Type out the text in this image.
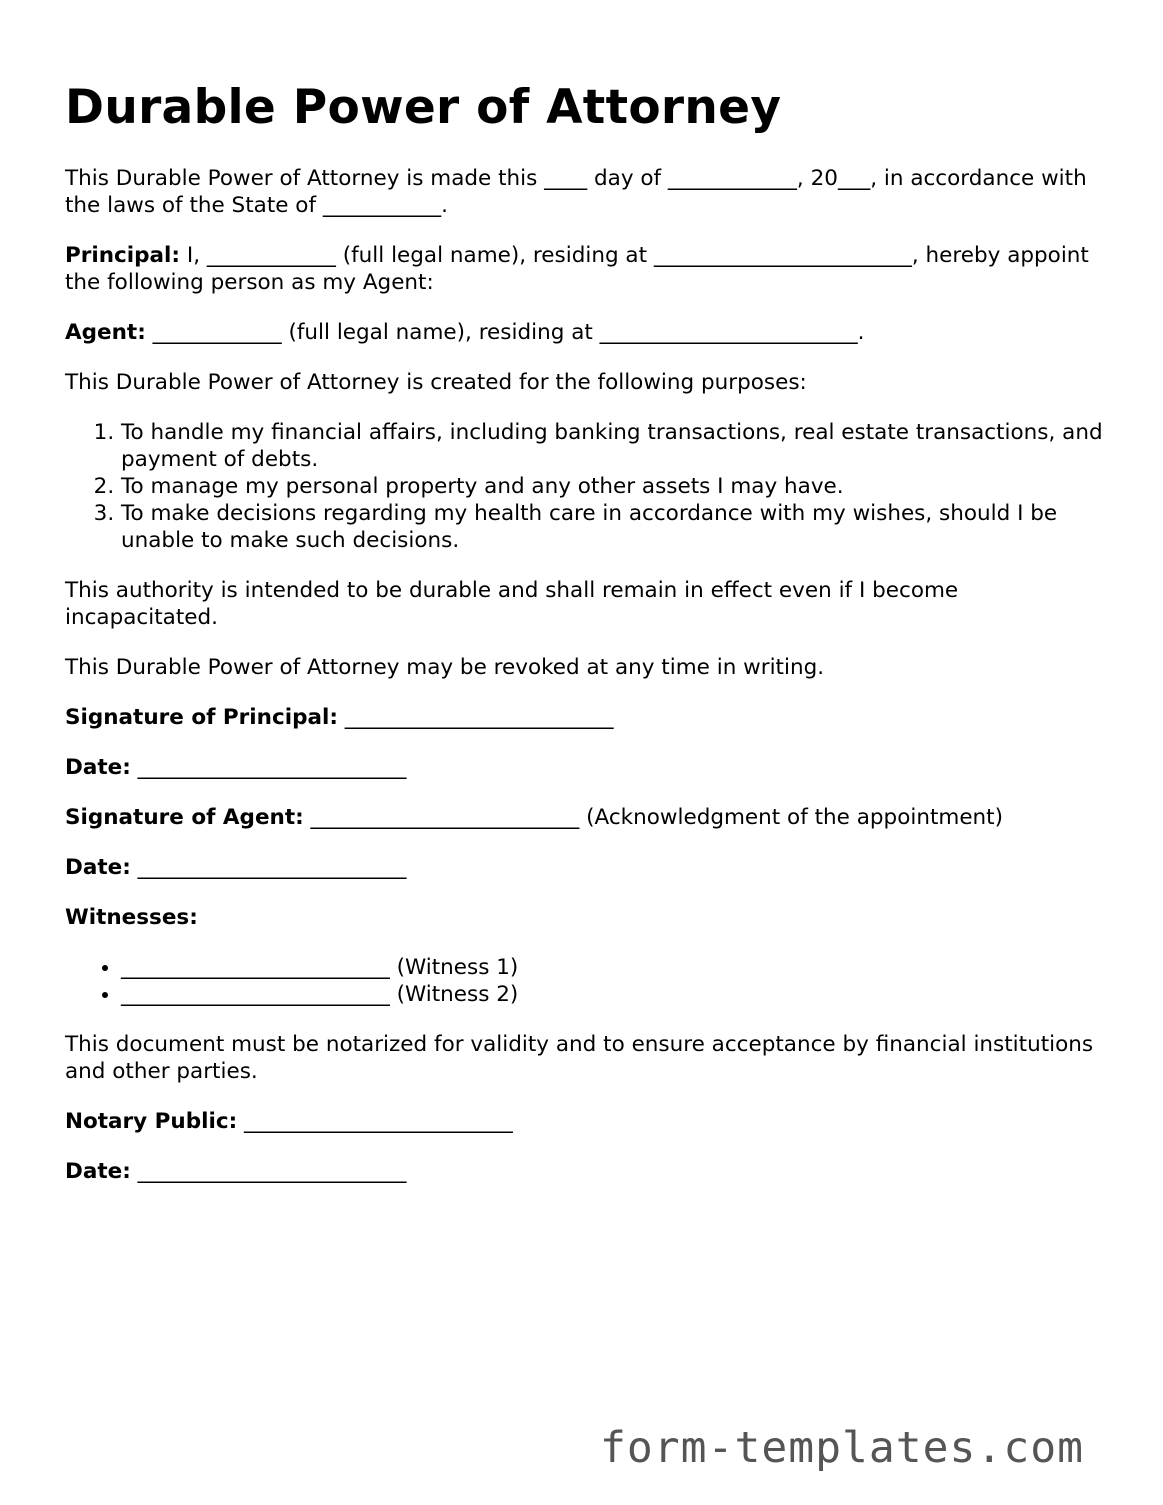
Durable Power of Attorney

This Durable Power of Attorney is made this ____ day of ____________, 20___, in accordance with the laws of the State of ___________.

Principal: I, ____________ (full legal name), residing at ________________________, hereby appoint the following person as my Agent:

Agent: ____________ (full legal name), residing at ________________________.

This Durable Power of Attorney is created for the following purposes:

1. To handle my financial affairs, including banking transactions, real estate transactions, and payment of debts.
2. To manage my personal property and any other assets I may have.
3. To make decisions regarding my health care in accordance with my wishes, should I be unable to make such decisions.

This authority is intended to be durable and shall remain in effect even if I become incapacitated.

This Durable Power of Attorney may be revoked at any time in writing.

Signature of Principal: _________________________

Date: _________________________

Signature of Agent: _________________________ (Acknowledgment of the appointment)

Date: _________________________

Witnesses:

• _________________________ (Witness 1)
• _________________________ (Witness 2)

This document must be notarized for validity and to ensure acceptance by financial institutions and other parties.

Notary Public: _________________________

Date: _________________________

form-templates.com
